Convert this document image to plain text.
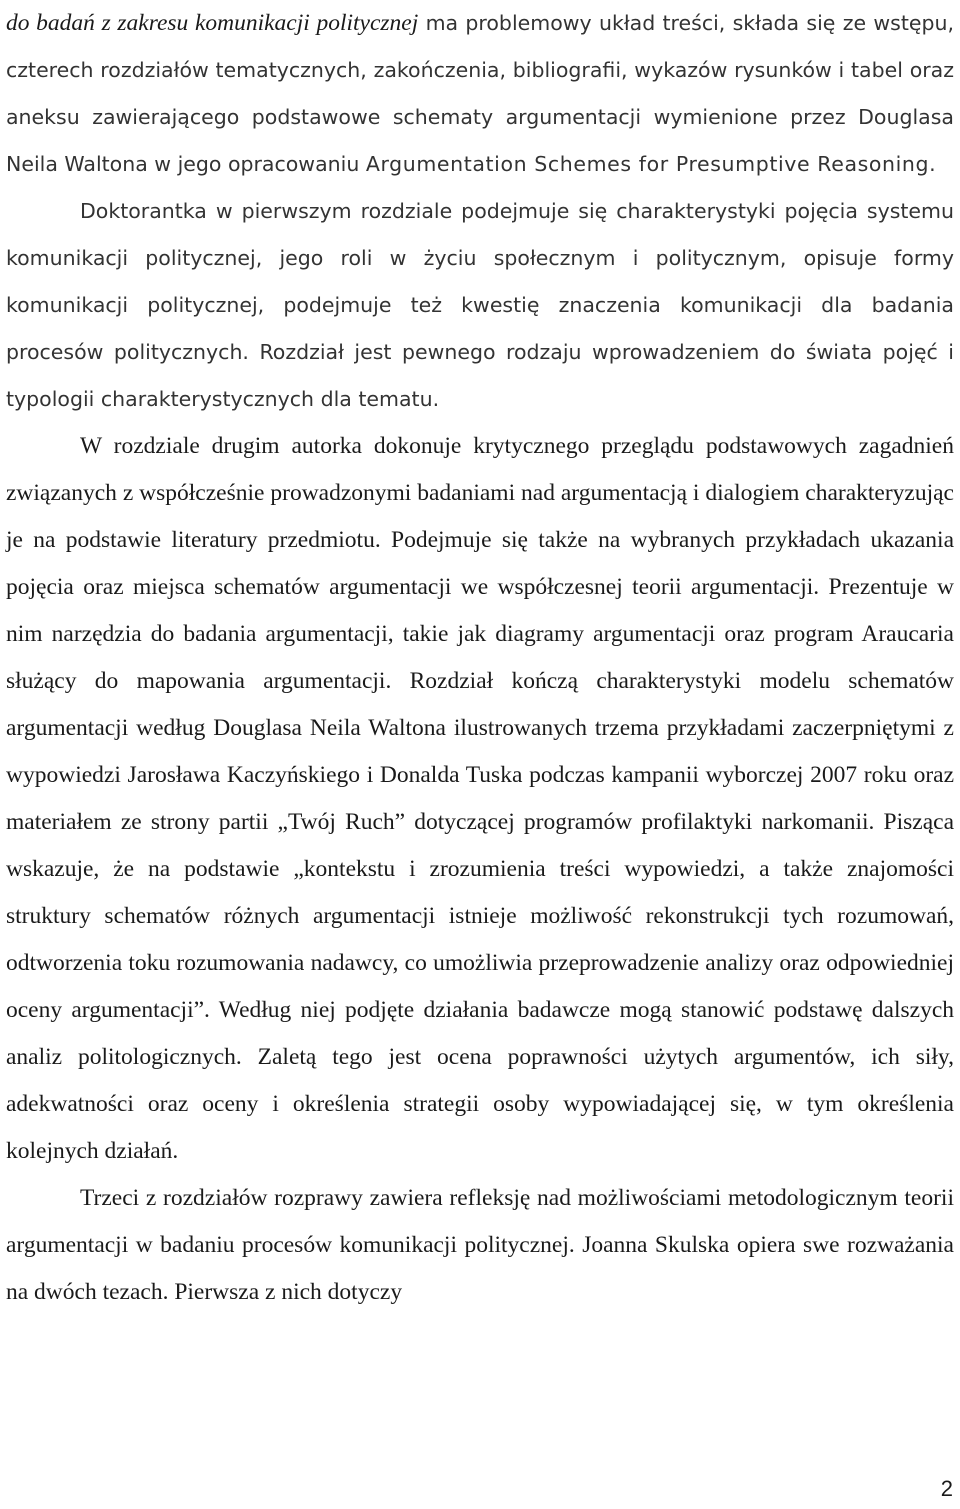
do badań z zakresu komunikacji politycznej ma problemowy układ treści, składa się ze wstępu, czterech rozdziałów tematycznych, zakończenia, bibliografii, wykazów rysunków i tabel oraz aneksu zawierającego podstawowe schematy argumentacji wymienione przez Douglasa Neila Waltona w jego opracowaniu Argumentation Schemes for Presumptive Reasoning.

Doktorantka w pierwszym rozdziale podejmuje się charakterystyki pojęcia systemu komunikacji politycznej, jego roli w życiu społecznym i politycznym, opisuje formy komunikacji politycznej, podejmuje też kwestię znaczenia komunikacji dla badania procesów politycznych. Rozdział jest pewnego rodzaju wprowadzeniem do świata pojęć i typologii charakterystycznych dla tematu.

W rozdziale drugim autorka dokonuje krytycznego przeglądu podstawowych zagadnień związanych z współcześnie prowadzonymi badaniami nad argumentacją i dialogiem charakteryzując je na podstawie literatury przedmiotu. Podejmuje się także na wybranych przykładach ukazania pojęcia oraz miejsca schematów argumentacji we współczesnej teorii argumentacji. Prezentuje w nim narzędzia do badania argumentacji, takie jak diagramy argumentacji oraz program Araucaria służący do mapowania argumentacji. Rozdział kończą charakterystyki modelu schematów argumentacji według Douglasa Neila Waltona ilustrowanych trzema przykładami zaczerpniętymi z wypowiedzi Jarosława Kaczyńskiego i Donalda Tuska podczas kampanii wyborczej 2007 roku oraz materiałem ze strony partii „Twój Ruch” dotyczącej programów profilaktyki narkomanii. Pisząca wskazuje, że na podstawie „kontekstu i zrozumienia treści wypowiedzi, a także znajomości struktury schematów różnych argumentacji istnieje możliwość rekonstrukcji tych rozumowań, odtworzenia toku rozumowania nadawcy, co umożliwia przeprowadzenie analizy oraz odpowiedniej oceny argumentacji”. Według niej podjęte działania badawcze mogą stanowić podstawę dalszych analiz politologicznych. Zaletą tego jest ocena poprawności użytych argumentów, ich siły, adekwatności oraz oceny i określenia strategii osoby wypowiadającej się, w tym określenia kolejnych działań.

Trzeci z rozdziałów rozprawy zawiera refleksję nad możliwościami metodologicznym teorii argumentacji w badaniu procesów komunikacji politycznej. Joanna Skulska opiera swe rozważania na dwóch tezach. Pierwsza z nich dotyczy

2
